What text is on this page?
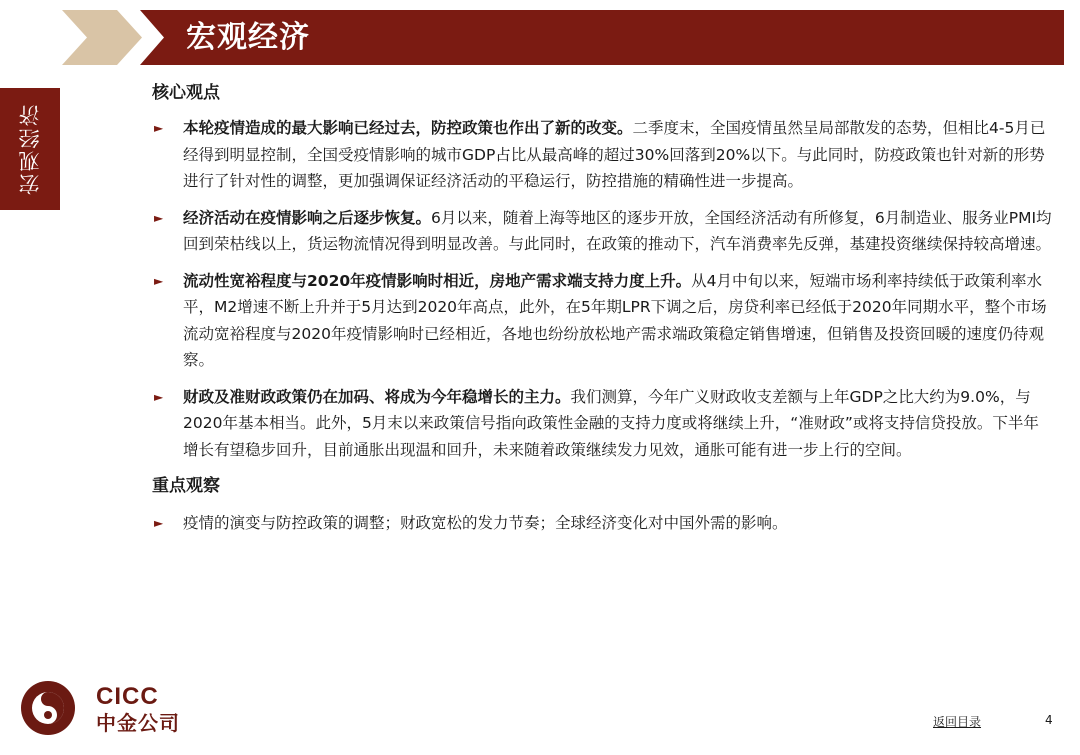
宏观经济
宏观经济
核心观点

► 本轮疫情造成的最大影响已经过去，防控政策也作出了新的改变。二季度末，全国疫情虽然呈局部散发的态势，但相比4-5月已经得到明显控制，全国受疫情影响的城市GDP占比从最高峰的超过30%回落到20%以下。与此同时，防疫政策也针对新的形势进行了针对性的调整，更加强调保证经济活动的平稳运行，防控措施的精确性进一步提高。

► 经济活动在疫情影响之后逐步恢复。6月以来，随着上海等地区的逐步开放，全国经济活动有所修复，6月制造业、服务业PMI均回到荣枯线以上，货运物流情况得到明显改善。与此同时，在政策的推动下，汽车消费率先反弹，基建投资继续保持较高增速。

► 流动性宽裕程度与2020年疫情影响时相近，房地产需求端支持力度上升。从4月中旬以来，短端市场利率持续低于政策利率水平，M2增速不断上升并于5月达到2020年高点，此外，在5年期LPR下调之后，房贷利率已经低于2020年同期水平，整个市场流动宽裕程度与2020年疫情影响时已经相近，各地也纷纷放松地产需求端政策稳定销售增速，但销售及投资回暖的速度仍待观察。

► 财政及准财政政策仍在加码、将成为今年稳增长的主力。我们测算，今年广义财政收支差额与上年GDP之比大约为9.0%，与2020年基本相当。此外，5月末以来政策信号指向政策性金融的支持力度或将继续上升，“准财政”或将支持信贷投放。下半年增长有望稳步回升，目前通胀出现温和回升，未来随着政策继续发力见效，通胀可能有进一步上行的空间。

重点观察

► 疫情的演变与防控政策的调整；财政宽松的发力节奏；全球经济变化对中国外需的影响。

CICC
中金公司	返回目录	4
